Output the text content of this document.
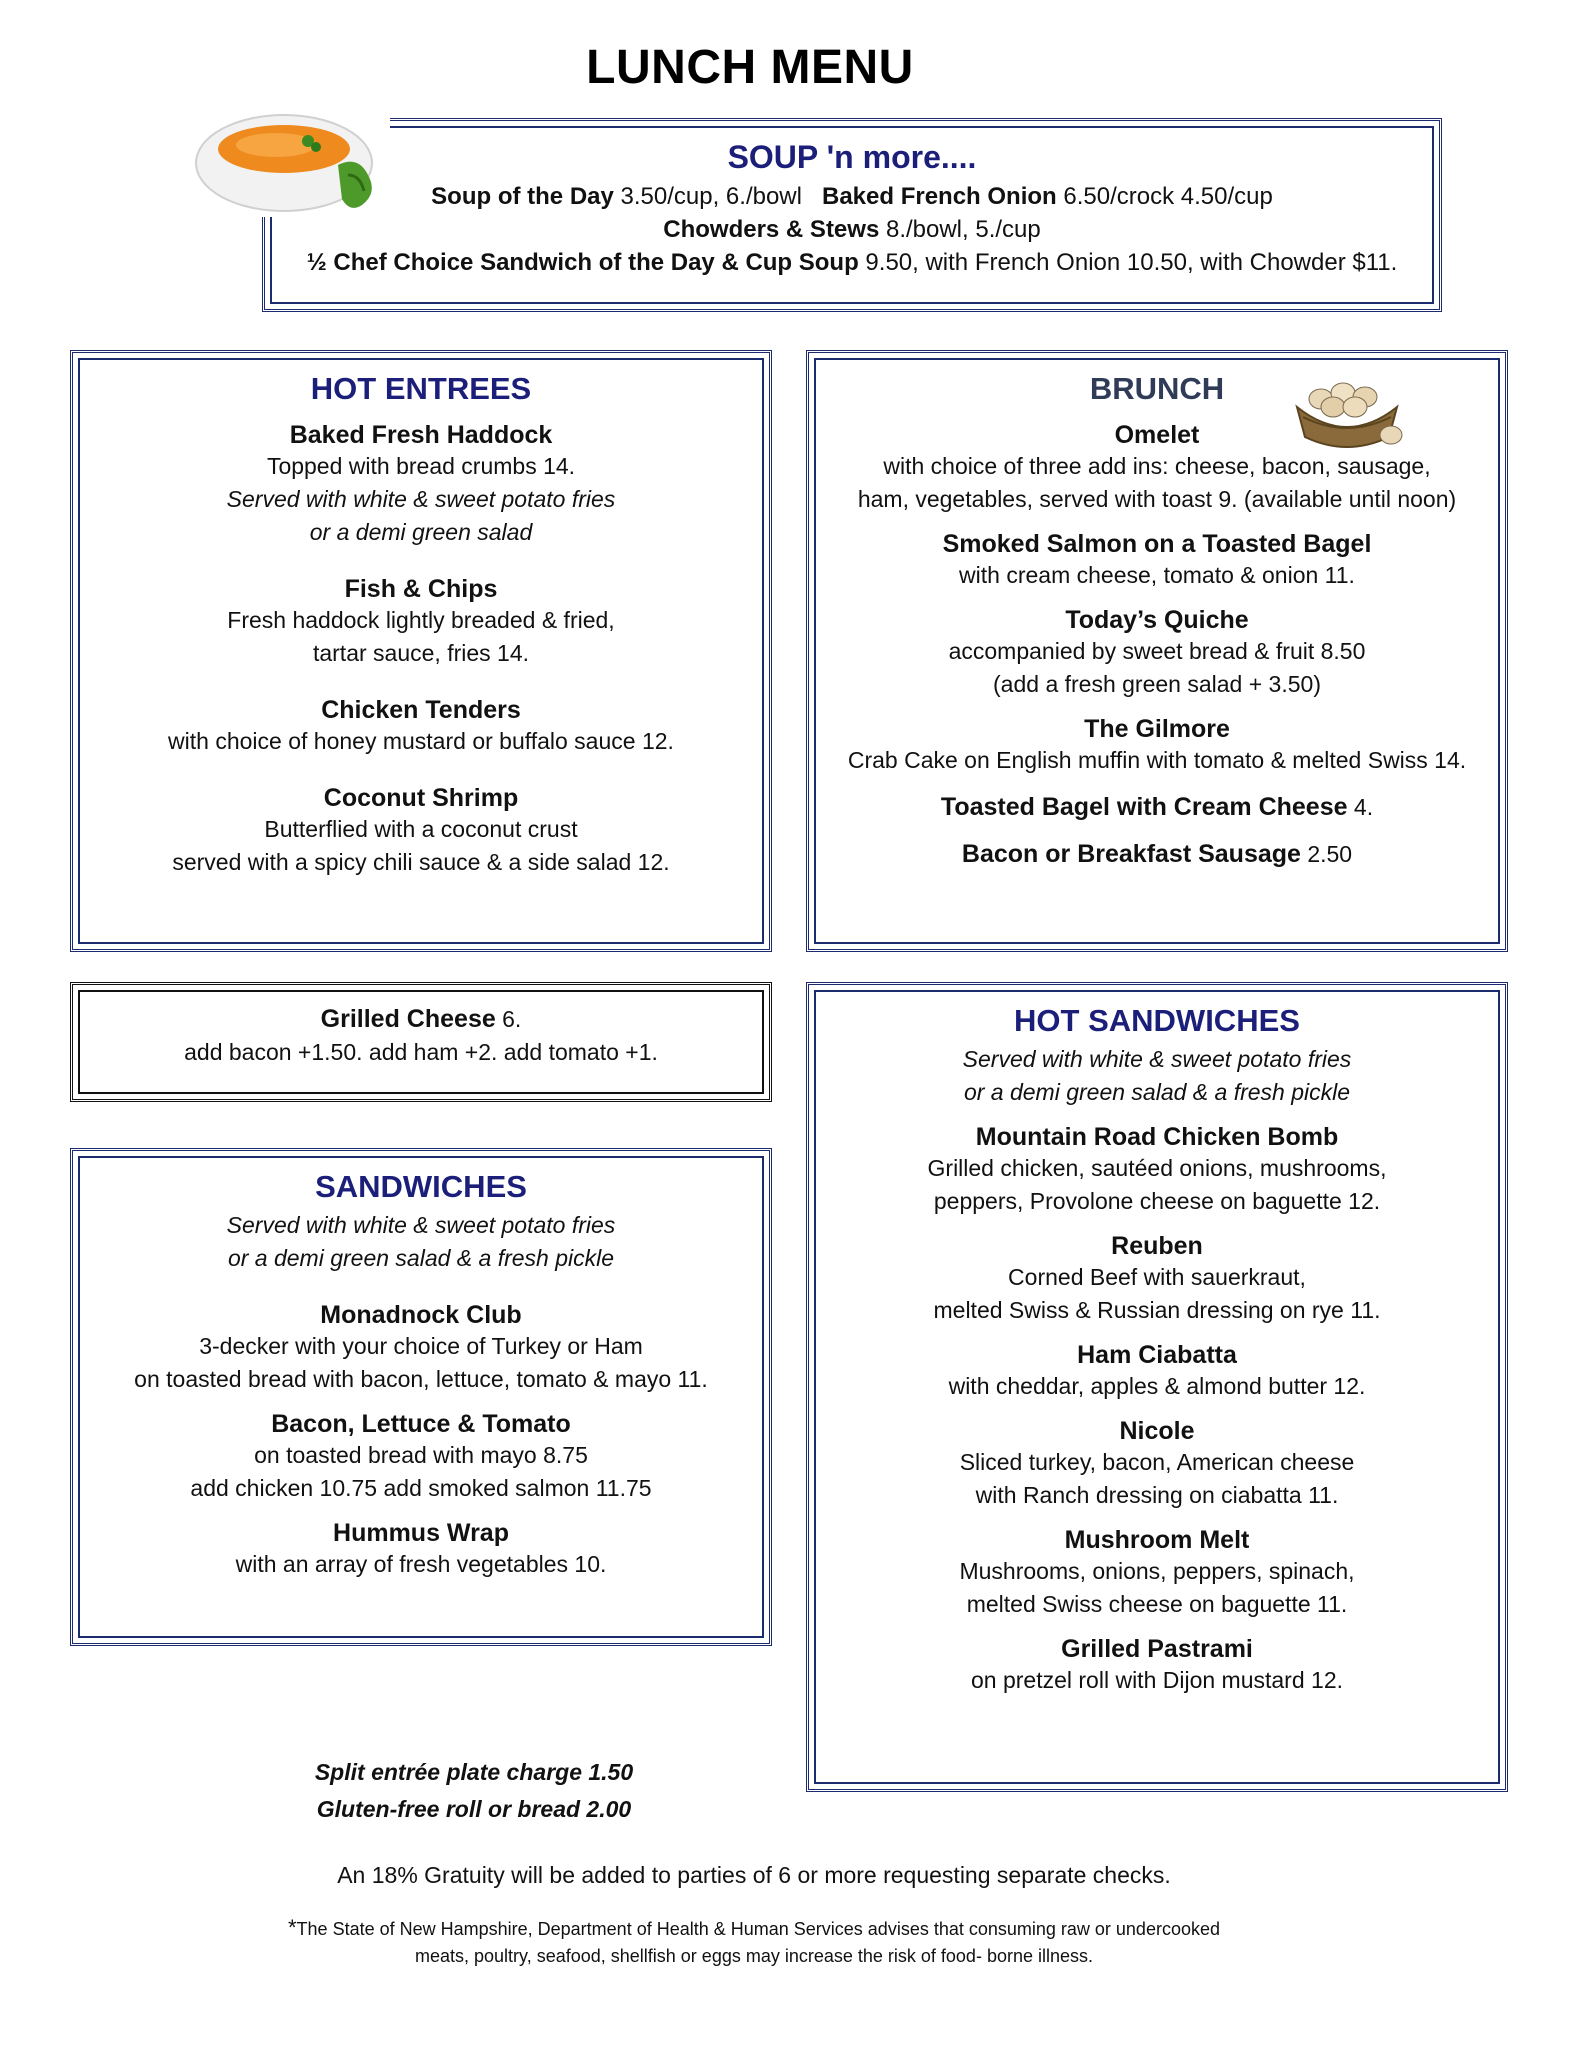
LUNCH MENU
SOUP 'n more....
Soup of the Day 3.50/cup, 6./bowl Baked French Onion 6.50/crock 4.50/cup
Chowders & Stews 8./bowl, 5./cup
½ Chef Choice Sandwich of the Day & Cup Soup 9.50, with French Onion 10.50, with Chowder $11.
HOT ENTREES
Baked Fresh Haddock
Topped with bread crumbs 14.
Served with white & sweet potato fries
or a demi green salad
Fish & Chips
Fresh haddock lightly breaded & fried,
tartar sauce, fries 14.
Chicken Tenders
with choice of honey mustard or buffalo sauce 12.
Coconut Shrimp
Butterflied with a coconut crust
served with a spicy chili sauce & a side salad 12.
BRUNCH
Omelet
with choice of three add ins: cheese, bacon, sausage,
ham, vegetables, served with toast 9. (available until noon)
Smoked Salmon on a Toasted Bagel
with cream cheese, tomato & onion 11.
Today’s Quiche
accompanied by sweet bread & fruit 8.50
(add a fresh green salad + 3.50)
The Gilmore
Crab Cake on English muffin with tomato & melted Swiss 14.
Toasted Bagel with Cream Cheese 4.
Bacon or Breakfast Sausage 2.50
Grilled Cheese 6.
add bacon +1.50. add ham +2. add tomato +1.
SANDWICHES
Served with white & sweet potato fries
or a demi green salad & a fresh pickle
Monadnock Club
3-decker with your choice of Turkey or Ham
on toasted bread with bacon, lettuce, tomato & mayo 11.
Bacon, Lettuce & Tomato
on toasted bread with mayo 8.75
add chicken 10.75 add smoked salmon 11.75
Hummus Wrap
with an array of fresh vegetables 10.
HOT SANDWICHES
Served with white & sweet potato fries
or a demi green salad & a fresh pickle
Mountain Road Chicken Bomb
Grilled chicken, sautéed onions, mushrooms,
peppers, Provolone cheese on baguette 12.
Reuben
Corned Beef with sauerkraut,
melted Swiss & Russian dressing on rye 11.
Ham Ciabatta
with cheddar, apples & almond butter 12.
Nicole
Sliced turkey, bacon, American cheese
with Ranch dressing on ciabatta 11.
Mushroom Melt
Mushrooms, onions, peppers, spinach,
melted Swiss cheese on baguette 11.
Grilled Pastrami
on pretzel roll with Dijon mustard 12.
Split entrée plate charge 1.50
Gluten-free roll or bread 2.00
An 18% Gratuity will be added to parties of 6 or more requesting separate checks.
*The State of New Hampshire, Department of Health & Human Services advises that consuming raw or undercooked
meats, poultry, seafood, shellfish or eggs may increase the risk of food- borne illness.
